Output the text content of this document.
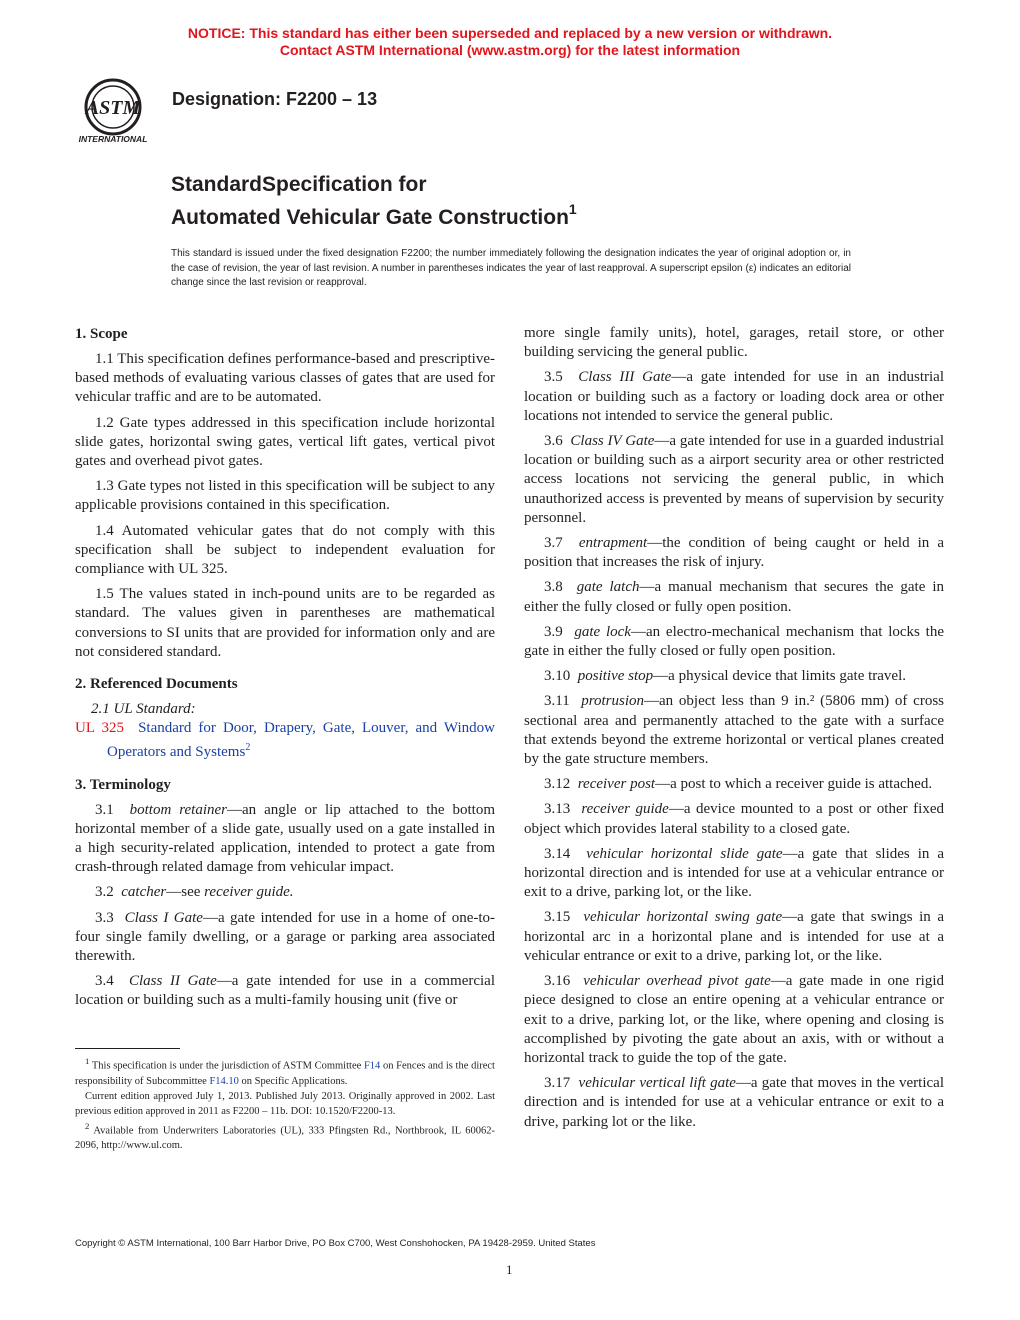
NOTICE: This standard has either been superseded and replaced by a new version or withdrawn.
Contact ASTM International (www.astm.org) for the latest information
ASTM
INTERNATIONAL
Designation: F2200 – 13
StandardSpecification for
Automated Vehicular Gate Construction$^1$
This standard is issued under the fixed designation F2200; the number immediately following the designation indicates the year of original adoption or, in the case of revision, the year of last revision. A number in parentheses indicates the year of last reapproval. A superscript epsilon (ε) indicates an editorial change since the last revision or reapproval.
1. Scope

1.1 This specification defines performance-based and prescriptive-based methods of evaluating various classes of gates that are used for vehicular traffic and are to be automated.

1.2 Gate types addressed in this specification include horizontal slide gates, horizontal swing gates, vertical lift gates, vertical pivot gates and overhead pivot gates.

1.3 Gate types not listed in this specification will be subject to any applicable provisions contained in this specification.

1.4 Automated vehicular gates that do not comply with this specification shall be subject to independent evaluation for compliance with UL 325.

1.5 The values stated in inch-pound units are to be regarded as standard. The values given in parentheses are mathematical conversions to SI units that are provided for information only and are not considered standard.

2. Referenced Documents
2.1 UL Standard:
UL 325 Standard for Door, Drapery, Gate, Louver, and Window Operators and Systems$^2$
3. Terminology

3.1 bottom retainer—an angle or lip attached to the bottom horizontal member of a slide gate, usually used on a gate installed in a high security-related application, intended to protect a gate from crash-through related damage from vehicular impact.

3.2 catcher—see receiver guide.

3.3 Class I Gate—a gate intended for use in a home of one-to-four single family dwelling, or a garage or parking area associated therewith.

3.4 Class II Gate—a gate intended for use in a commercial location or building such as a multi-family housing unit (five or

more single family units), hotel, garages, retail store, or other building servicing the general public.

3.5 Class III Gate—a gate intended for use in an industrial location or building such as a factory or loading dock area or other locations not intended to service the general public.

3.6 Class IV Gate—a gate intended for use in a guarded industrial location or building such as a airport security area or other restricted access locations not servicing the general public, in which unauthorized access is prevented by means of supervision by security personnel.

3.7 entrapment—the condition of being caught or held in a position that increases the risk of injury.

3.8 gate latch—a manual mechanism that secures the gate in either the fully closed or fully open position.

3.9 gate lock—an electro-mechanical mechanism that locks the gate in either the fully closed or fully open position.

3.10 positive stop—a physical device that limits gate travel.

3.11 protrusion—an object less than 9 in.² (5806 mm) of cross sectional area and permanently attached to the gate with a surface that extends beyond the extreme horizontal or vertical planes created by the gate structure members.

3.12 receiver post—a post to which a receiver guide is attached.

3.13 receiver guide—a device mounted to a post or other fixed object which provides lateral stability to a closed gate.

3.14 vehicular horizontal slide gate—a gate that slides in a horizontal direction and is intended for use at a vehicular entrance or exit to a drive, parking lot, or the like.

3.15 vehicular horizontal swing gate—a gate that swings in a horizontal arc in a horizontal plane and is intended for use at a vehicular entrance or exit to a drive, parking lot, or the like.

3.16 vehicular overhead pivot gate—a gate made in one rigid piece designed to close an entire opening at a vehicular entrance or exit to a drive, parking lot, or the like, where opening and closing is accomplished by pivoting the gate about an axis, with or without a horizontal track to guide the top of the gate.

3.17 vehicular vertical lift gate—a gate that moves in the vertical direction and is intended for use at a vehicular entrance or exit to a drive, parking lot or the like.

$^1$ This specification is under the jurisdiction of ASTM Committee F14 on Fences and is the direct responsibility of Subcommittee F14.10 on Specific Applications.

Current edition approved July 1, 2013. Published July 2013. Originally approved in 2002. Last previous edition approved in 2011 as F2200 – 11b. DOI: 10.1520/F2200-13.

$^2$ Available from Underwriters Laboratories (UL), 333 Pfingsten Rd., Northbrook, IL 60062-2096, http://www.ul.com.

Copyright © ASTM International, 100 Barr Harbor Drive, PO Box C700, West Conshohocken, PA 19428-2959. United States
1
